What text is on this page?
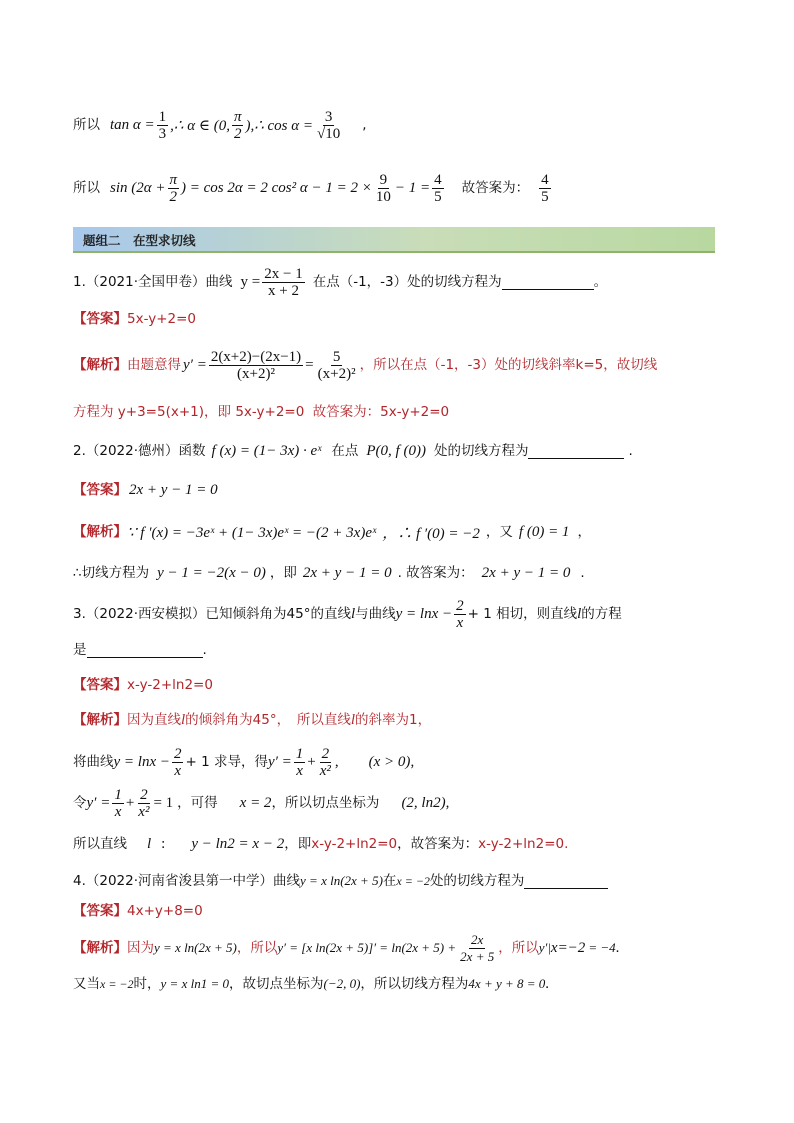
所以 $\tan \alpha = \frac{1}{3}$ ,∴ α ∈ (0, $\frac{\pi}{2}$ ),∴ $\cos \alpha = \frac{3}{√10}$ ,
所以 $\sin (2\alpha + \frac{\pi}{2}$ ) = cos 2α = 2 cos² $\alpha - 1 = 2 \times \frac{9}{10} - 1 = \frac{4}{5}$ 故答案为： $\frac{4}{5}$
题组二　在型求切线
1.（2021·全国甲卷）曲线 $y = \frac{2x - 1}{x + 2}$ 在点（-1，-3）处的切线方程为	。
【答案】5x-y+2=0
【解析】 由题意得 $y' = \frac{2(x+2)-(2x-1)}{\text{(x+2)²}} = \frac{5}{\text{(x+2)²}}$ ，所以在点（-1，-3）处的切线斜率 k=5 ，故切线
方程为 y+3=5(x+1)，即 5x-y+2=0 故答案为：5x-y+2=0
2.（2022·德州）函数 f (x) = (1− 3x) · eˣ 在点 P(0, f (0)) 处的切线方程为	.
【答案】 2x + y − 1 = 0
【解析】 ∵ f ′(x) = −3eˣ + (1− 3x)eˣ = −(2 + 3x)eˣ ，∴ f ′(0) = −2 ，又 f (0) = 1 ，
∴切线方程为 y − 1 = −2(x − 0) ，即 2x + y − 1 = 0 . 故答案为： 2x + y − 1 = 0 .
3.（2022·西安模拟）已知倾斜角为45°的直线 l 与曲线 $y = \ln x - \frac{2}{x} + 1$ 相切，则直线 l 的方程
是	.
【答案】x-y-2+ln2=0
【解析】 因为直线 l 的倾斜角为45°，　所以直线 l 的斜率为1，
将曲线 $y = \ln x - \frac{2}{x} + 1$ 求导，得 $y' = \frac{1}{x} + \frac{2}{\text{x²}}$ , (x > 0) ,
令 $y' = \frac{1}{x} + \frac{2}{\text{x²}} = 1$ ，可得 x = 2 ，所以切点坐标为 (2, ln2) ,
所以直线 l : y − ln2 = x − 2 ，即 x-y-2+ln2=0 ，故答案为： x-y-2+ln2=0.
4.（2022·河南省浚县第一中学）曲线 y = x ln(2x + 5) 在 x = −2 处的切线方程为
【答案】4x+y+8=0
【解析】 因为 y = x ln(2x + 5) ，所以 y′ = [x $\ln(2x + 5)]' = \ln(2x + 5) + \frac{2x}{2x + 5}$ ，所以 y′| x=−2 = −4 .
又当 x = −2 时， y = x ln1 = 0 ，故切点坐标为 (−2, 0) ，所以切线方程为 4x + y + 8 = 0 .
